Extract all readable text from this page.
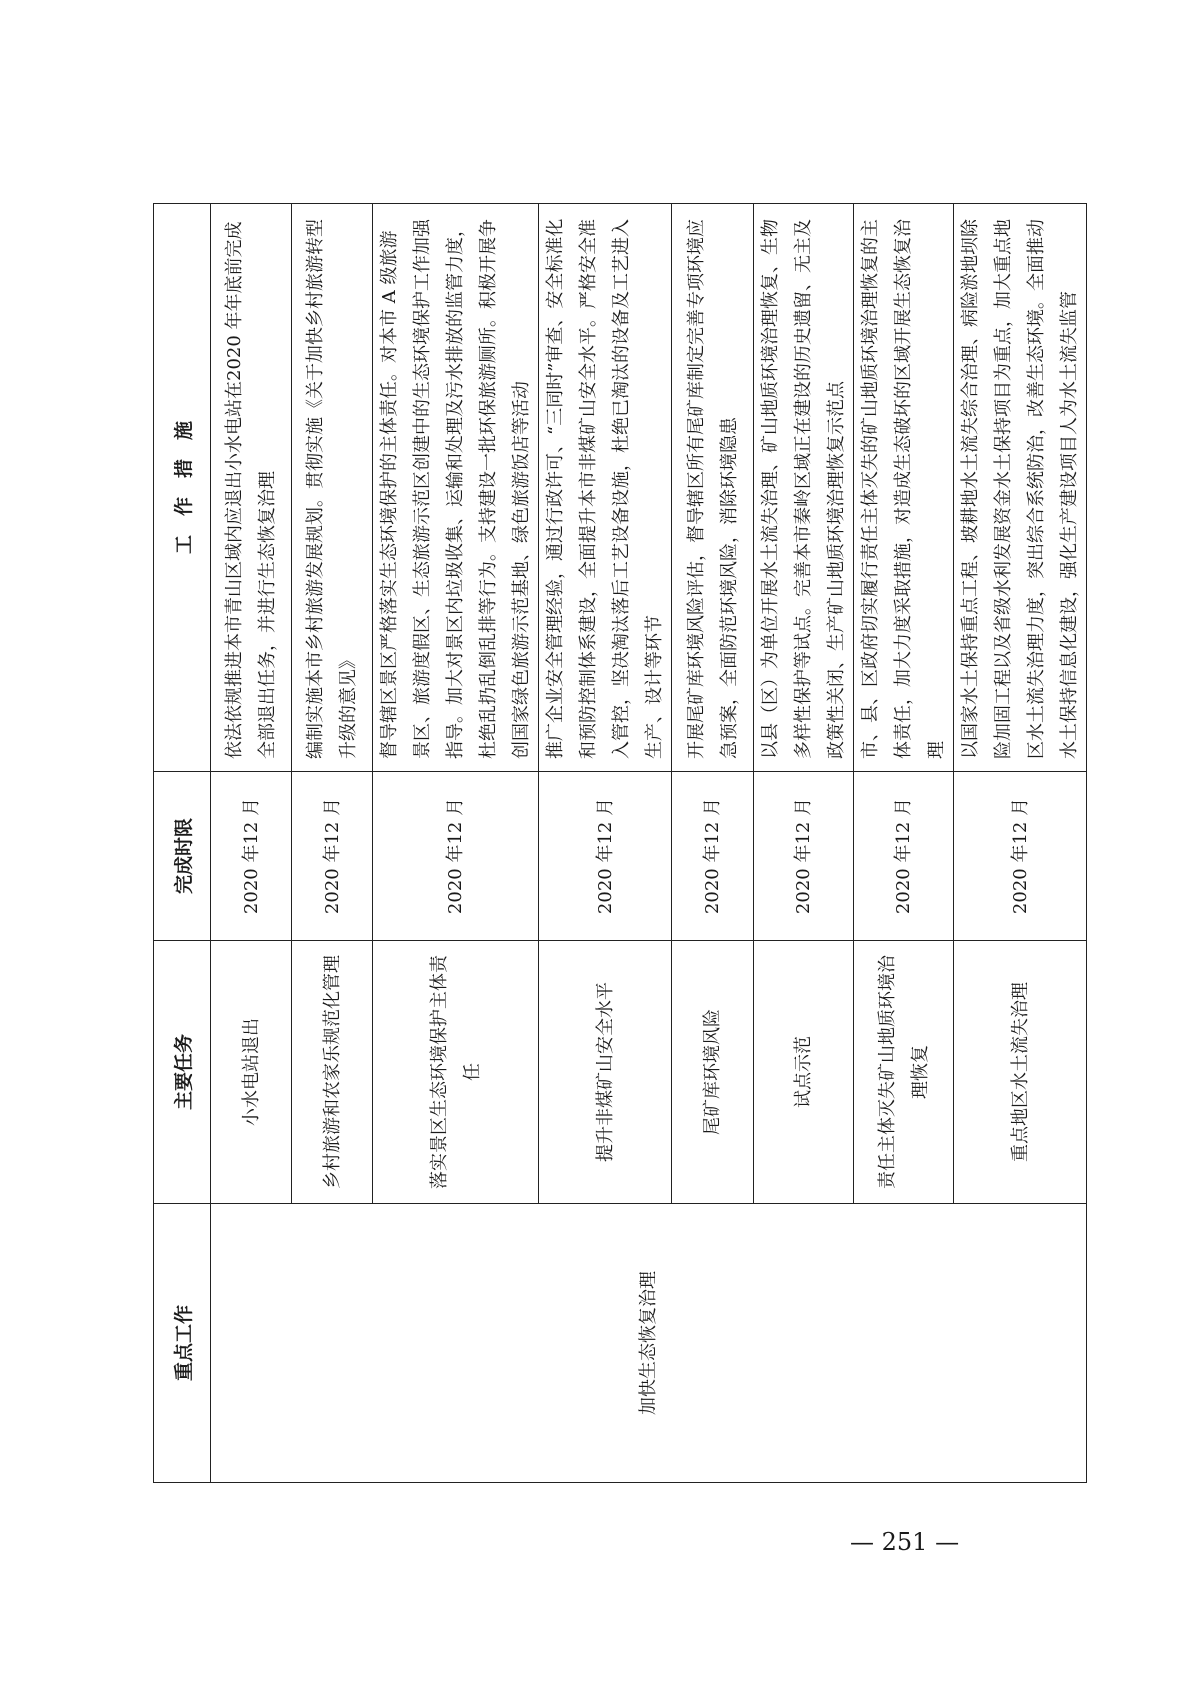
重点工作	主要任务	完成时限	工　作　措　施
加快生态恢复治理	小水电站退出	2020 年12 月	依法依规推进本市青山区域内应退出小水电站在2020 年年底前完成全部退出任务，并进行生态恢复治理
	乡村旅游和农家乐规范化管理	2020 年12 月	编制实施本市乡村旅游发展规划。贯彻实施《关于加快乡村旅游转型升级的意见》
	落实景区生态环境保护主体责任	2020 年12 月	督导辖区景区严格落实生态环境保护的主体责任。对本市 A 级旅游景区、旅游度假区、生态旅游示范区创建中的生态环境保护工作加强指导。加大对景区内垃圾收集、运输和处理及污水排放的监管力度，杜绝乱扔乱倒乱排等行为。支持建设一批环保旅游厕所。积极开展争创国家绿色旅游示范基地、绿色旅游饭店等活动
	提升非煤矿山安全水平	2020 年12 月	推广企业安全管理经验，通过行政许可、“三同时”审查、安全标准化和预防控制体系建设，全面提升本市非煤矿山安全水平。严格安全准入管控，坚决淘汰落后工艺设备设施，杜绝已淘汰的设备及工艺进入生产、设计等环节
	尾矿库环境风险	2020 年12 月	开展尾矿库环境风险评估，督导辖区所有尾矿库制定完善专项环境应急预案，全面防范环境风险，消除环境隐患
	试点示范	2020 年12 月	以县（区）为单位开展水土流失治理、矿山地质环境治理恢复、生物多样性保护等试点。完善本市秦岭区域正在建设的历史遗留、无主及政策性关闭、生产矿山地质环境治理恢复示范点
	责任主体灭失矿山地质环境治理恢复	2020 年12 月	市、县、区政府切实履行责任主体灭失的矿山地质环境治理恢复的主体责任，加大力度采取措施，对造成生态破坏的区域开展生态恢复治理
	重点地区水土流失治理	2020 年12 月	以国家水土保持重点工程、坡耕地水土流失综合治理、病险淤地坝除险加固工程以及省级水利发展资金水土保持项目为重点，加大重点地区水土流失治理力度，突出综合系统防治，改善生态环境。全面推动水土保持信息化建设，强化生产建设项目人为水土流失监管
— 251 —
